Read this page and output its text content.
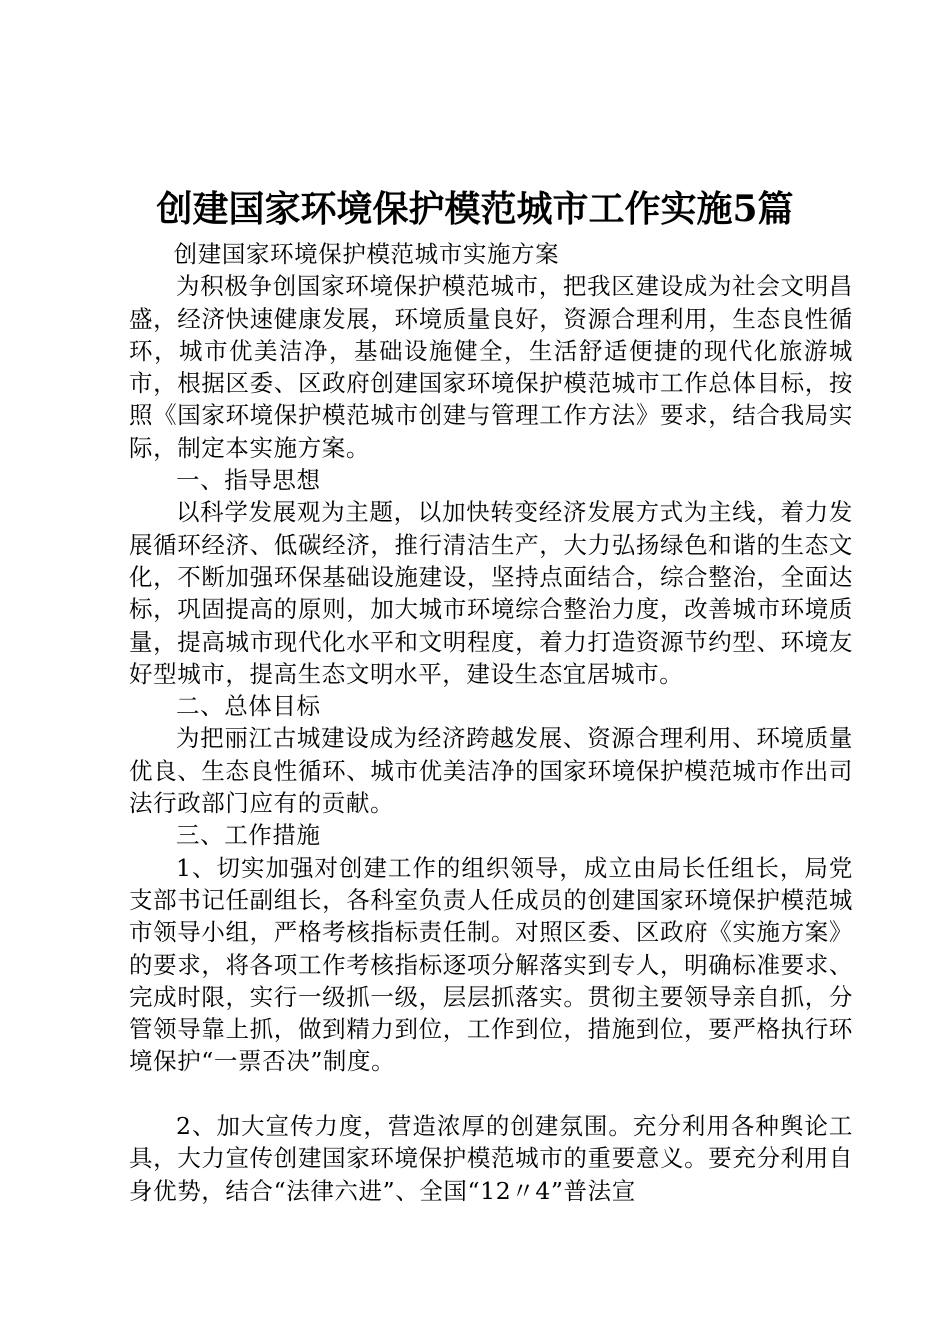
创建国家环境保护模范城市工作实施5篇

创建国家环境保护模范城市实施方案

为积极争创国家环境保护模范城市，把我区建设成为社会文明昌盛，经济快速健康发展，环境质量良好，资源合理利用，生态良性循环，城市优美洁净，基础设施健全，生活舒适便捷的现代化旅游城市，根据区委、区政府创建国家环境保护模范城市工作总体目标，按照《国家环境保护模范城市创建与管理工作方法》要求，结合我局实际，制定本实施方案。

一、指导思想

以科学发展观为主题，以加快转变经济发展方式为主线，着力发展循环经济、低碳经济，推行清洁生产，大力弘扬绿色和谐的生态文化，不断加强环保基础设施建设，坚持点面结合，综合整治，全面达标，巩固提高的原则，加大城市环境综合整治力度，改善城市环境质量，提高城市现代化水平和文明程度，着力打造资源节约型、环境友好型城市，提高生态文明水平，建设生态宜居城市。

二、总体目标

为把丽江古城建设成为经济跨越发展、资源合理利用、环境质量优良、生态良性循环、城市优美洁净的国家环境保护模范城市作出司法行政部门应有的贡献。

三、工作措施

1、切实加强对创建工作的组织领导，成立由局长任组长，局党支部书记任副组长，各科室负责人任成员的创建国家环境保护模范城市领导小组，严格考核指标责任制。对照区委、区政府《实施方案》的要求，将各项工作考核指标逐项分解落实到专人，明确标准要求、完成时限，实行一级抓一级，层层抓落实。贯彻主要领导亲自抓，分管领导靠上抓，做到精力到位，工作到位，措施到位，要严格执行环境保护“一票否决”制度。

2、加大宣传力度，营造浓厚的创建氛围。充分利用各种舆论工具，大力宣传创建国家环境保护模范城市的重要意义。要充分利用自身优势，结合“法律六进”、全国“12〃4”普法宣
